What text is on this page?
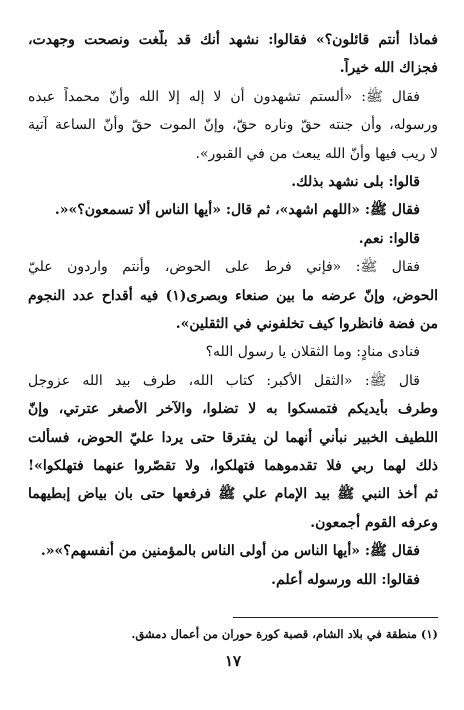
(١) منطقة في بلاد الشام، قصبة كورة حوران من أعمال دمشق.
١٧
فماذا أنتم قائلون؟» فقالوا: نشهد أنك قد بلّغت ونصحت وجهدت،
فجزاك الله خيراً.
فقال ﷺ: «ألستم تشهدون أن لا إله إلا الله وأنّ محمداً عبده
ورسوله، وأن جنته حقّ وناره حقّ، وإنّ الموت حقّ وأنّ الساعة آتية
لا ريب فيها وأنّ الله يبعث من في القبور».
قالوا: بلى نشهد بذلك.
فقال ﷺ: «اللهم اشهد»، ثم قال: «أيها الناس ألا تسمعون؟»«.
قالوا: نعم.
فقال ﷺ: «فإني فرط على الحوض، وأنتم واردون عليّ
الحوض، وإنّ عرضه ما بين صنعاء وبصرى(١) فيه أقداح عدد النجوم
من فضة فانظروا كيف تخلفوني في الثقلين».
فنادى منادٍ: وما الثقلان يا رسول الله؟
قال ﷺ: «الثقل الأكبر: كتاب الله، طرف بيد الله عزوجل
وطرف بأيديكم فتمسكوا به لا تضلوا، والآخر الأصغر عترتي، وإنّ
اللطيف الخبير نبأني أنهما لن يفترقا حتى يردا عليّ الحوض، فسألت
ذلك لهما ربي فلا تقدموهما فتهلكوا، ولا تقصّروا عنهما فتهلكوا»!
ثم أخذ النبي ﷺ بيد الإمام علي ﷺ فرفعها حتى بان بياض إبطيهما
وعرفه القوم أجمعون.
فقال ﷺ: «أيها الناس من أولى الناس بالمؤمنين من أنفسهم؟»«.
فقالوا: الله ورسوله أعلم.
